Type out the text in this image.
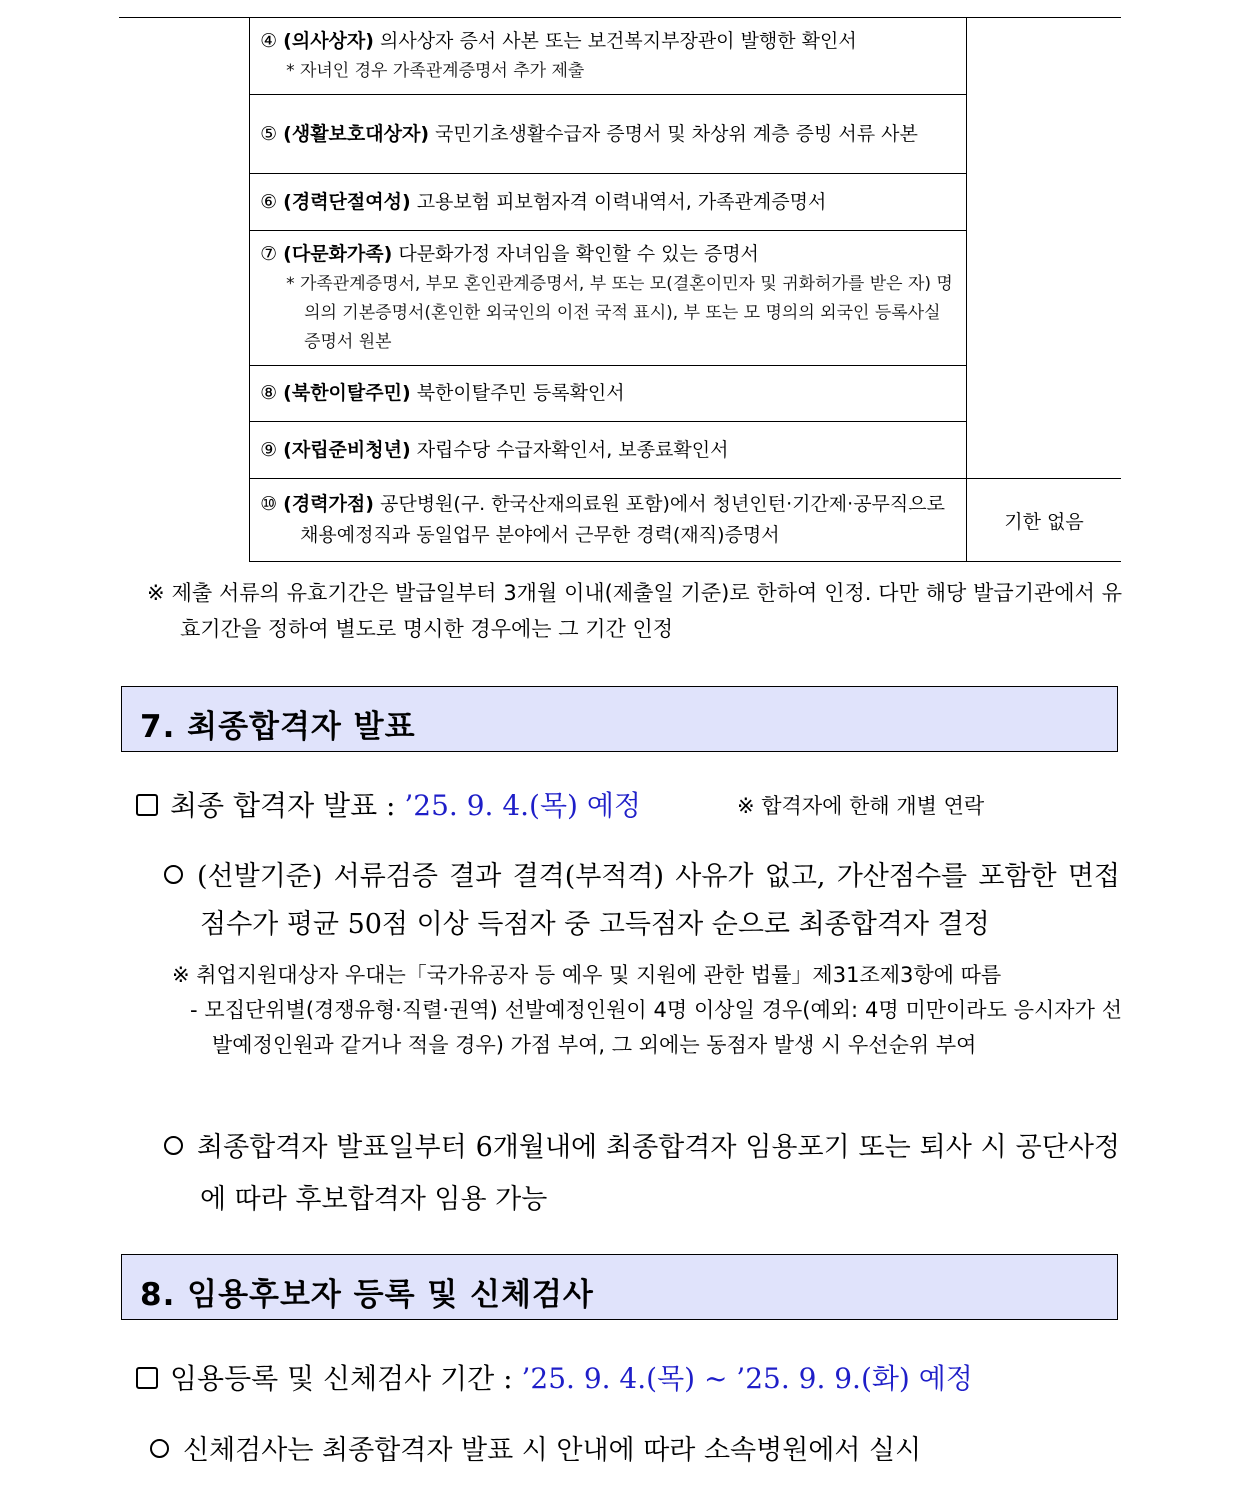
	④ (의사상자) 의사상자 증서 사본 또는 보건복지부장관이 발행한 확인서
* 자녀인 경우 가족관계증명서 추가 제출	

	⑤ (생활보호대상자) 국민기초생활수급자 증명서 및 차상위 계층 증빙 서류 사본	

	⑥ (경력단절여성) 고용보험 피보험자격 이력내역서, 가족관계증명서	

	⑦ (다문화가족) 다문화가정 자녀임을 확인할 수 있는 증명서
* 가족관계증명서, 부모 혼인관계증명서, 부 또는 모(결혼이민자 및 귀화허가를 받은 자) 명의의 기본증명서(혼인한 외국인의 이전 국적 표시), 부 또는 모 명의의 외국인 등록사실증명서 원본	

	⑧ (북한이탈주민) 북한이탈주민 등록확인서	

	⑨ (자립준비청년) 자립수당 수급자확인서, 보종료확인서	

	⑩ (경력가점) 공단병원(구. 한국산재의료원 포함)에서 청년인턴·기간제·공무직으로 채용예정직과 동일업무 분야에서 근무한 경력(재직)증명서	기한 없음
※ 제출 서류의 유효기간은 발급일부터 3개월 이내(제출일 기준)로 한하여 인정. 다만 해당 발급기관에서 유효기간을 정하여 별도로 명시한 경우에는 그 기간 인정
7. 최종합격자 발표
최종 합격자 발표 : ’25. 9. 4.(목) 예정	※ 합격자에 한해 개별 연락
(선발기준) 서류검증 결과 결격(부적격) 사유가 없고, 가산점수를 포함한 면접점수가 평균 50점 이상 득점자 중 고득점자 순으로 최종합격자 결정
※ 취업지원대상자 우대는「국가유공자 등 예우 및 지원에 관한 법률」제31조제3항에 따름
- 모집단위별(경쟁유형·직렬·권역) 선발예정인원이 4명 이상일 경우(예외: 4명 미만이라도 응시자가 선발예정인원과 같거나 적을 경우) 가점 부여, 그 외에는 동점자 발생 시 우선순위 부여
최종합격자 발표일부터 6개월내에 최종합격자 임용포기 또는 퇴사 시 공단사정에 따라 후보합격자 임용 가능
8. 임용후보자 등록 및 신체검사
임용등록 및 신체검사 기간 : ’25. 9. 4.(목) ~ ’25. 9. 9.(화) 예정
신체검사는 최종합격자 발표 시 안내에 따라 소속병원에서 실시
